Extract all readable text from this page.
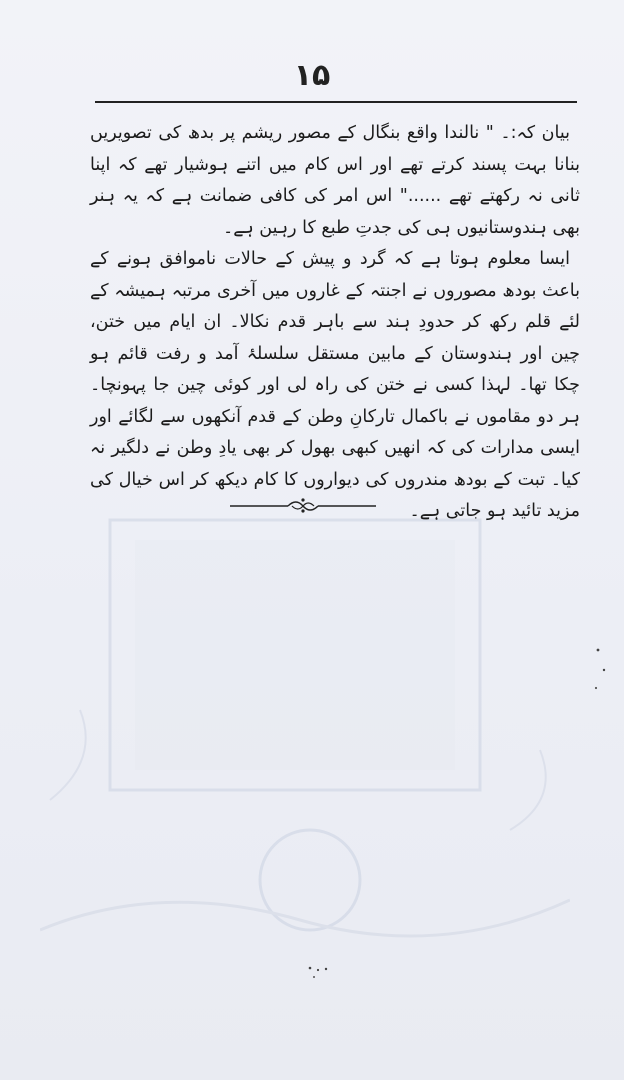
۱۵

بیان کہ:۔ " نالندا واقع بنگال کے مصور ریشم پر بدھ کی تصویریں بنانا بہت پسند کرتے تھے اور اس کام میں اتنے ہوشیار تھے کہ اپنا ثانی نہ رکھتے تھے ......" اس امر کی کافی ضمانت ہے کہ یہ ہنر بھی ہندوستانیوں ہی کی جدتِ طبع کا رہین ہے۔

ایسا معلوم ہوتا ہے کہ گرد و پیش کے حالات ناموافق ہونے کے باعث بودھ مصوروں نے اجنتہ کے غاروں میں آخری مرتبہ ہمیشہ کے لئے قلم رکھ کر حدودِ ہند سے باہر قدم نکالا۔ ان ایام میں ختن، چین اور ہندوستان کے مابین مستقل سلسلۂ آمد و رفت قائم ہو چکا تھا۔ لہذا کسی نے ختن کی راہ لی اور کوئی چین جا پہونچا۔ ہر دو مقاموں نے باکمال تارکانِ وطن کے قدم آنکھوں سے لگائے اور ایسی مدارات کی کہ انھیں کبھی بھول کر بھی یادِ وطن نے دلگیر نہ کیا۔ تبت کے بودھ مندروں کی دیواروں کا کام دیکھ کر اس خیال کی مزید تائید ہو جاتی ہے۔
